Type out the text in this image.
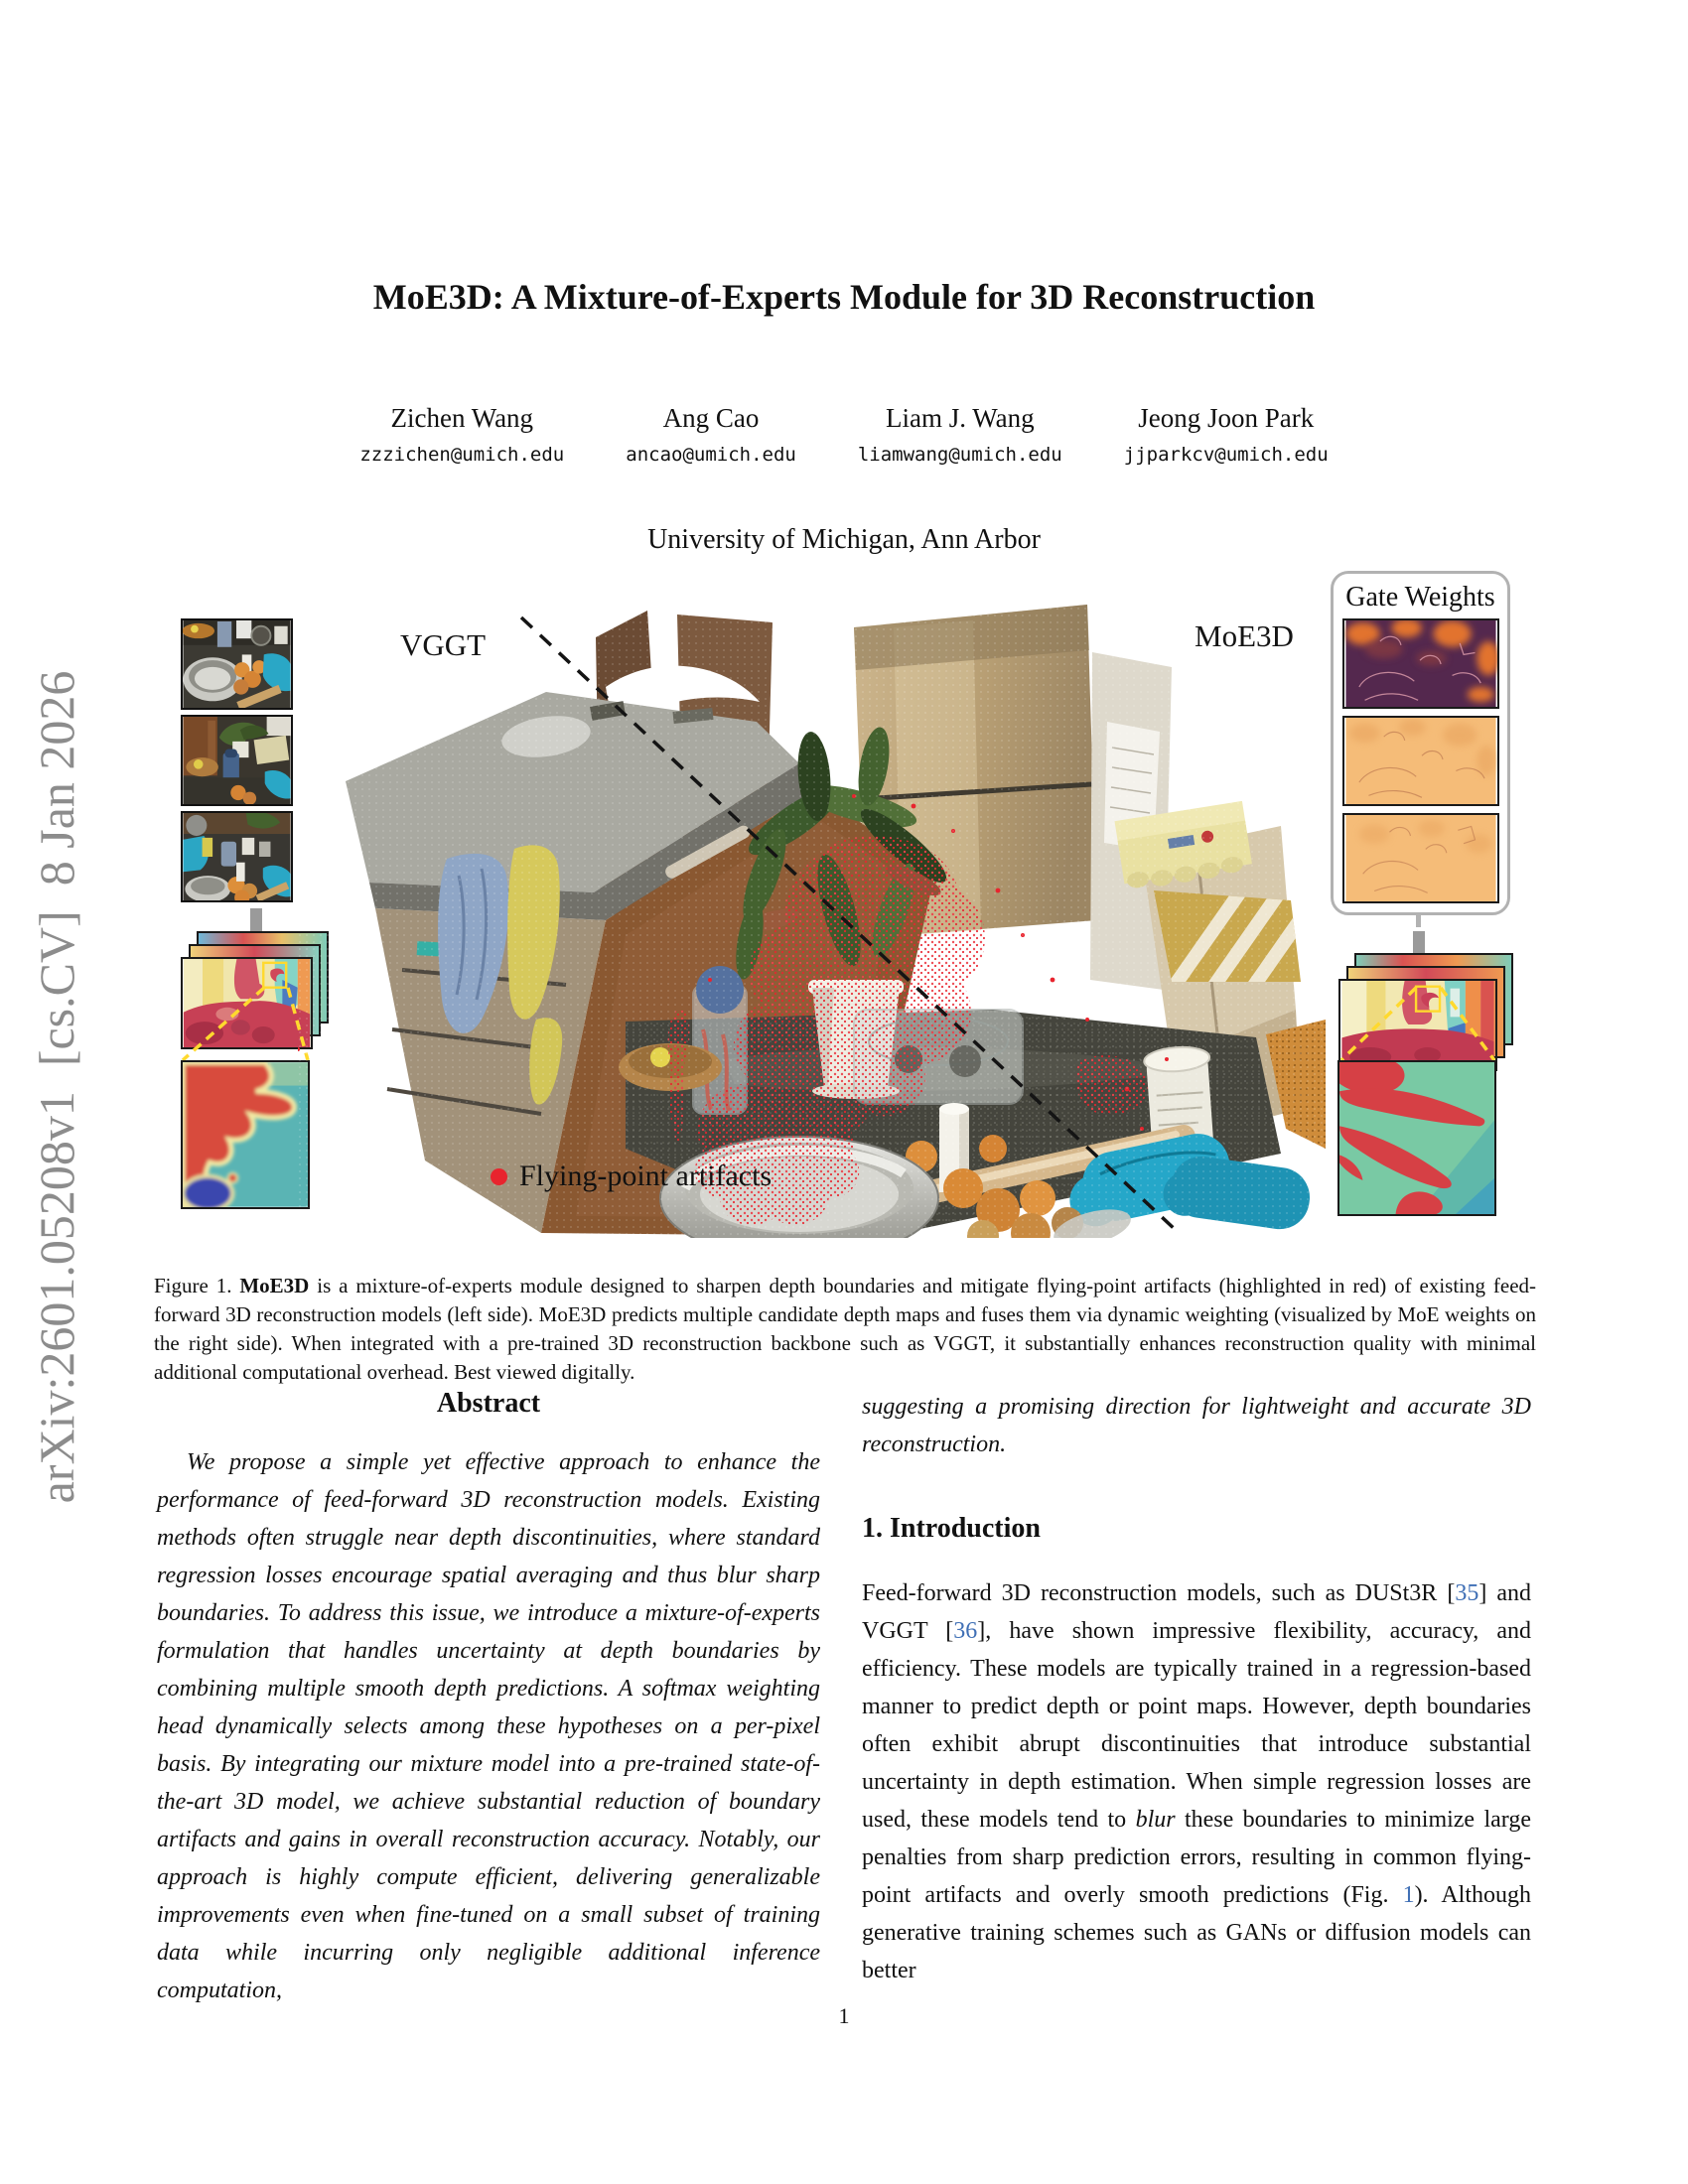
arXiv:2601.05208v1  [cs.CV]  8 Jan 2026
MoE3D: A Mixture-of-Experts Module for 3D Reconstruction
Zichen Wang
zzzichen@umich.edu
Ang Cao
ancao@umich.edu
Liam J. Wang
liamwang@umich.edu
Jeong Joon Park
jjparkcv@umich.edu
University of Michigan, Ann Arbor
VGGT	MoE3D
Flying-point artifacts
Gate Weights

Figure 1. MoE3D is a mixture-of-experts module designed to sharpen depth boundaries and mitigate flying-point artifacts (highlighted in red) of existing feed-forward 3D reconstruction models (left side). MoE3D predicts multiple candidate depth maps and fuses them via dynamic weighting (visualized by MoE weights on the right side). When integrated with a pre-trained 3D reconstruction backbone such as VGGT, it substantially enhances reconstruction quality with minimal additional computational overhead. Best viewed digitally.

Abstract

We propose a simple yet effective approach to enhance the performance of feed-forward 3D reconstruction models. Existing methods often struggle near depth discontinuities, where standard regression losses encourage spatial averaging and thus blur sharp boundaries. To address this issue, we introduce a mixture-of-experts formulation that handles uncertainty at depth boundaries by combining multiple smooth depth predictions. A softmax weighting head dynamically selects among these hypotheses on a per-pixel basis. By integrating our mixture model into a pre-trained state-of-the-art 3D model, we achieve substantial reduction of boundary artifacts and gains in overall reconstruction accuracy. Notably, our approach is highly compute efficient, delivering generalizable improvements even when fine-tuned on a small subset of training data while incurring only negligible additional inference computation,

suggesting a promising direction for lightweight and accurate 3D reconstruction.

1. Introduction

Feed-forward 3D reconstruction models, such as DUSt3R [35] and VGGT [36], have shown impressive flexibility, accuracy, and efficiency. These models are typically trained in a regression-based manner to predict depth or point maps. However, depth boundaries often exhibit abrupt discontinuities that introduce substantial uncertainty in depth estimation. When simple regression losses are used, these models tend to blur these boundaries to minimize large penalties from sharp prediction errors, resulting in common flying-point artifacts and overly smooth predictions (Fig. 1). Although generative training schemes such as GANs or diffusion models can better

1
